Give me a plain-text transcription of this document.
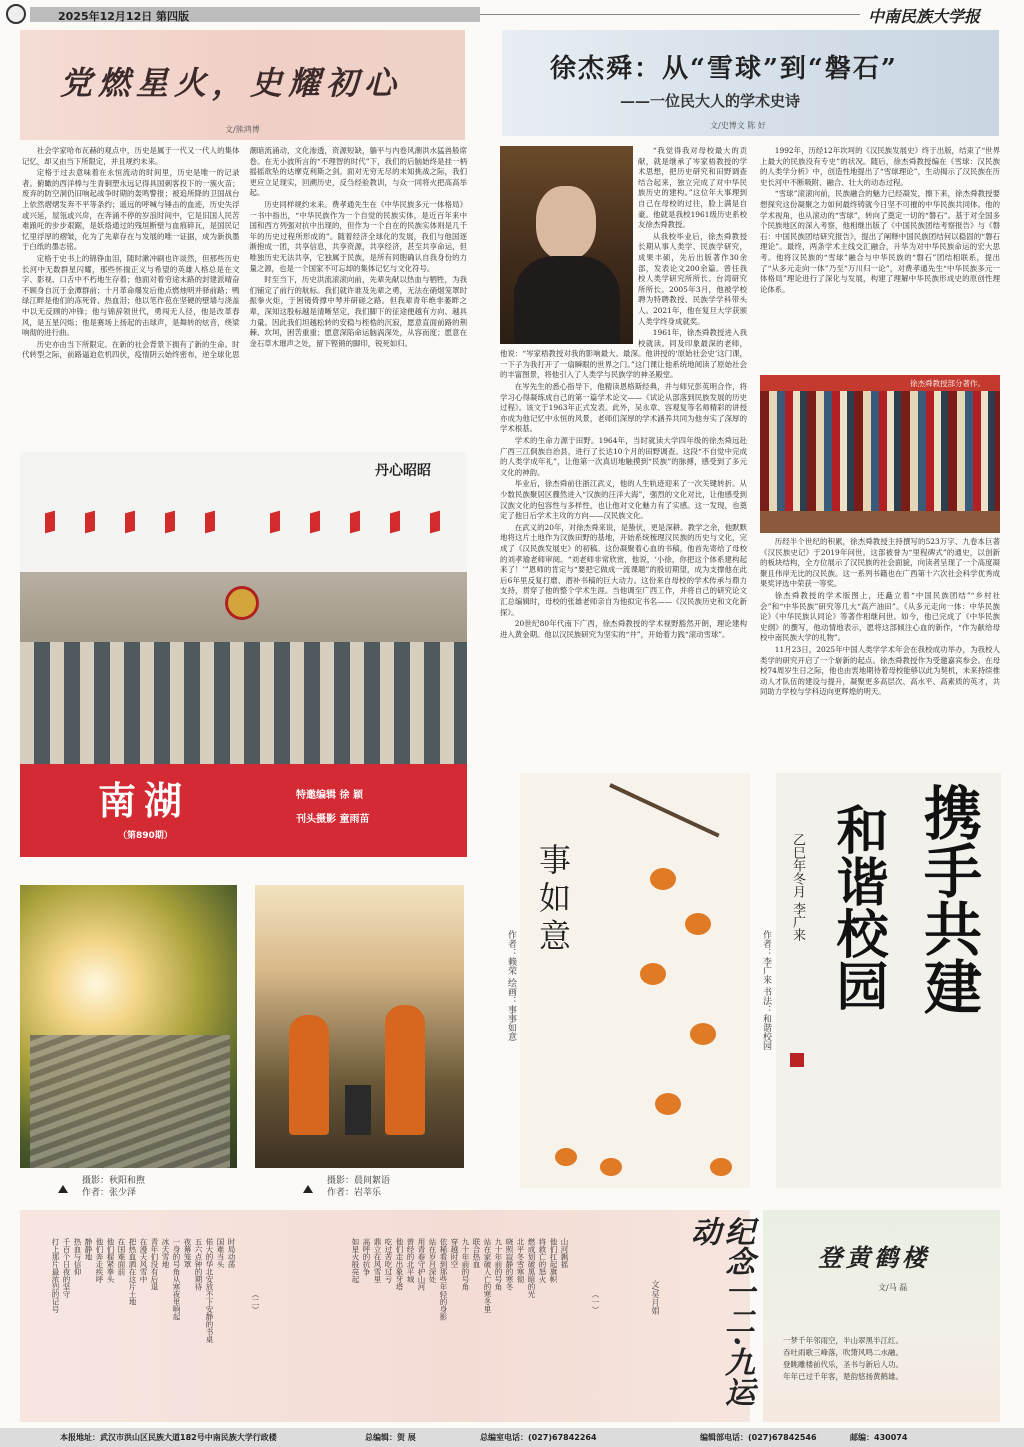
2025年12月12日 第四版	中南民族大学报
党燃星火，史耀初心
文/熊鸿博

社会学家哈布瓦赫的观点中，历史是属于一代又一代人的集体记忆，却又由当下所限定，并且规约未来。

定格于过去意味着在永恒流动的时间里，历史是唯一的记录者。俯瞰的西洋棒与生青铜塑永远记得具国刺客投下的一簇火苗；废弃的防空洞仍旧响起战争时期的轰鸣警报；被追所降的卫国战台上依然熠熠发奔不平等条约；遥远的呼喊与锤击的血迹，历史失浮或兴延，屋瓴或兴戽，在奔涌不停的岁浪时间中，它是旧国人民苦难踉吒的步步艰踞，是妖烙通过的残垣断壁与血痕碎瓦，是国民记忆里浮厚的褶皱，化为了先辈存在与发展的唯一证据，成为新执墨于白纸的墨志铭。

定格于史书上的锦铮血泪，随时漱冲刷也许谈然，但那些历史长河中无数群星闪耀，那些怀揣正义与希望的英雄人格总是在文字、影视、口舌中不朽地生存着；他面对着穷途末路的封建派晴奋不顾身自沉于金潭群前；十月革命爆发后他点燃烛明并驿前路；鸭绿江畔是他们的冻死骨、热血泪；他以笔作苞在坚硬的壁墙与浇盖中以无反顾的冲锋；他与锦辞领世代，勇闯无人径，他是改革春风，是五星闪烁；他是赛场上扬起的击球声，是舞转的炫音，绕梁响彻的进行曲。

历史亦由当下所限定。在新的社会背景下拥有了新的生命。时代转型之际，前路逼迫危机四伏，疫情阴云始终密布，逆全球化思潮暗流涌动，文化渗透，资源短缺，躺平与内卷风潮洪水猛兽般席卷。在无小波所言的“不理智的时代”下，我们的后脑始终是挂一柄摇摇欲坠的达摩克利斯之剑。面对无穷无尽的未知挑战之际，我们更应立足现实，回溯历史，反刍经验教训，与众一同将火把高高举起。

历史同样规约未来。费孝通先生在《中华民族多元一体格局》一书中指出，“中华民族作为一个自觉的民族实体，是近百年来中国和西方列强对抗中出现的，但作为一个自在的民族实体则是几千年的历史过程所形成的”。随着经济全球化的发展，我们与他国逐渐抱成一团，共享信息，共享资源，共享经济，甚至共享命运，但唯独历史无法共享，它独属于民族，是所有同胞确认自我身份的力量之源，也是一个国家不可忘却的集体记忆与文化符号。

时至当下，历史洪流滚滚向前，先辈先献以热血与牺牲，为我们铺定了前行的航标。我们就许谁及先辈之勇，无法在硝烟笼罩时振拳火炬，于困镜倚撑中琴并研磋之路。但我辈青年绝非萎畔之辈，深知这股标越是清晰坚定，我们脚下的征途便越有方向、越具力量。因此我们坦越松转的安稳与桎梏的沉寂，愿意直面前路的荆棘、坎坷，困苦重重；愿意深陷命运脑涡深处，从容而度；愿意在金石草木璀声之处，留下铿锵的脚印，锐死如归。

徐杰舜：从“雪球”到“磐石”
——一位民大人的学术史诗
文/史博文 陈 好

“我觉得我对母校最大的贡献，就是继承了岑家梧教授的学术思想，把历史研究和田野调查结合起来，独立完成了对中华民族历史的建构。”这位年大事理到自己在母校的过往，脸上满是自豪。他就是我校1961级历史系校友徐杰舜教授。

从我校毕业后，徐杰舜教授长期从事人类学、民族学研究，成果丰硕，先后出版著作30余部，发表论文200余篇。曾任我校人类学研究所所长、台湾研究所所长。2005年3月，他被学校聘为特聘教授、民族学学科带头人。2021年，他在复旦大学获颁人类学终身成就奖。

1961年，徐杰舜教授进入我校就读。同及印象最深的老师，他说：“岑家梧教授对我的影响最大、最深。他讲授的‘原始社会史’这门课，一下子为我打开了一扇瞬眼的世界之门。”这门课让他系统地阅读了原始社会的丰富图景，将他引入了人类学与民族学的神圣殿堂。

在岑先生的悉心指导下，他精读恩格斯经典，并与师兄彭英明合作，将学习心得凝练成自己的第一篇学术论文——《试论从部落到民族发展的历史过程》。该文于1963年正式发表。此外，吴永章、容观复等名师精彩的讲授亦成为他记忆中永恒的风景，老师们深厚的学术涵养共同为他夯实了深厚的学术根基。

学术的生命力源于田野。1964年，当时就读大学四年级的徐杰舜远赴广西三江侗族自治县，进行了长达10个月的田野调查。这段“不自觉中完成的人类学成年礼”，让他第一次真切地触摸到“民族”的脉搏，感受到了多元文化的神韵。

毕业后，徐杰舜前往浙江武义，他的人生轨迹迎来了一次关键转折。从少数民族聚居区骤然进入“汉族的汪洋大海”，强烈的文化对比，让他感受到汉族文化的包容性与多样性，也让他对文化魅力有了实感。这一发现，也奠定了他日后学术主攻的方向——汉民族文化。

在武义的20年，对徐杰舜来说，是蛰伏，更是深耕。教学之余，他默默地将这片土地作为汉族田野的基地，开始系统梳理汉民族的历史与文化，完成了《汉民族发展史》的初稿。这份凝聚着心血的书稿，他首先寄给了母校的刘孝瑜老师审阅。“刘老师非常欣赏，他说，‘小徐，你把这个体系建构起来了！’”恩师的肯定与“要把它做成一流课题”的殷切期望，成为支撑他在此后6年里反复打磨、潜补书稿的巨大动力。这份来自母校的学术传承与鼎力支持，贯穿了他的整个学术生涯。当他调至广西工作，并将自己的研究论文汇总编辑时，母校的张雄老师亲自为他拟定书名——《汉民族历史和文化新探》。

20世纪80年代南下广西，徐杰舜教授的学术视野豁然开朗，理论建构进入黄金期。他以汉民族研究为坚实的“井”，开始着力践“滚动雪球”。

1992年，历经12年坎坷的《汉民族发展史》终于出版，结束了“世界上最大的民族没有专史”的状况。随后，徐杰舜教授编在《雪球：汉民族的人类学分析》中，创造性地提出了“雪球理论”，生动揭示了汉民族在历史长河中不断吸附、融合、壮大的动态过程。

“雪球”滚滚向前，民族融合的魅力已经凝发，擦下来，徐杰舜教授要想探究这份凝聚之力如何最终铸就今日坚不可摧的中华民族共同体。他的学术视角，也从滚动的“雪球”，转向了奠定一切的“磐石”。基于对全国多个民族地区的深入考察，他相继出版了《中国民族团结考察报告》与《磐石：中国民族团结研究报告》，提出了阐释中国民族团结何以稳固的“磐石理论”。最终，两条学术主线交汇融合，升华为对中华民族命运的宏大思考。他将汉民族的“雪球”融合与中华民族的“磐石”团结相联系，提出了“从多元走向一体”乃至“万川归一论”，对费孝通先生“中华民族多元一体格局”理论进行了深化与发展，构建了理解中华民族形成史的原创性理论体系。

徐杰舜教授部分著作。

历经半个世纪的积累，徐杰舜教授主持撰写的523万字、九卷本巨著《汉民族史记》于2019年问世。这部被誉为“里程碑式”的通史，以创新的板块结构，全方位展示了汉民族的社会面貌，向读者呈现了一个高度凝聚且伟岸无比的汉民族。这一系列书籍也在广西第十六次社会科学优秀成果奖评选中荣获一等奖。

徐杰舜教授的学术版图上，还矗立着“中国民族团结”“乡村社会”和“中华民族”研究等几大“高产油田”。《从多元走向一体：中华民族论》《中华民族认同论》等著作相继问世。如今，他已完成了《中华民族史纲》的撰写，他动情地表示，愿将这部倾注心血的新作，“作为献给母校中南民族大学的礼物”。

11月23日，2025年中国人类学学术年会在我校成功举办，为我校人类学的研究开启了一个崭新的起点。徐杰舜教授作为受邀嘉宾参会。在母校74周岁生日之际，他也由衷地期待着母校能够以此为契机，未来持续推动人才队伍的建设与提升，凝聚更多高层次、高水平、高素质的英才，共同助力学校与学科迈向更辉煌的明天。

丹心昭昭
南湖
（第890期）
特邀编辑 徐 颖
刊头摄影 童雨苗
摄影：秋阳和煦
作者：张少泽
摄影：晨间絮语
作者：岩莘乐
事如意
作者：赖荣 绘画：事事如意	携手共建
和谐校园
乙巳年冬月 李广来
作者：李广来 书法：和谐校园
纪念一二·九运动
文/吴月娟
（一）
山河飘摇
他们扛起旗帜
将救亡的怒火
燃成划破黑暗的光
北平冬雪寒彻
晓照寂静的寒冬
九十年前的号角
站在家破人亡的寒冬里
联合热血
九十年前的号角
穿越时空
依稀看到那些年轻的身影
站在岁月深处
用青春守护山河
曾经的北平城
他们走出象牙塔
吃过苦吃过亏
鼎立在风雪里
高呼的抗争
如星火般亮起
（二）
时局动荡
国难当头
偌大的华北安放不下安静的书桌
五六点钟的期待
夜幕笼罩
一身的号角从寒夜里响起
冰天雪地
青年们没有后退
在漫天风雪中
把热血洒在这片土地
在国难面前
他们握紧拳头
他们奔走疾呼
静静地
热血与信仰
千百个日夜的坚守
打上那片最浓烈的记号	登黄鹤楼
文/马 磊
一梦千年邻雨空，半山翠黑半江红。
吞吐雨歌三峰落，吹箫风鸣二水融。
登眺雕楼前代乐，圣书与新后人功。
年年已过千年客，楚韵悠扬黄鹤雄。
本报地址：武汉市洪山区民族大道182号中南民族大学行政楼	总编辑：贺 展	总编室电话：(027)67842264	编辑部电话：(027)67842546	邮编：430074
